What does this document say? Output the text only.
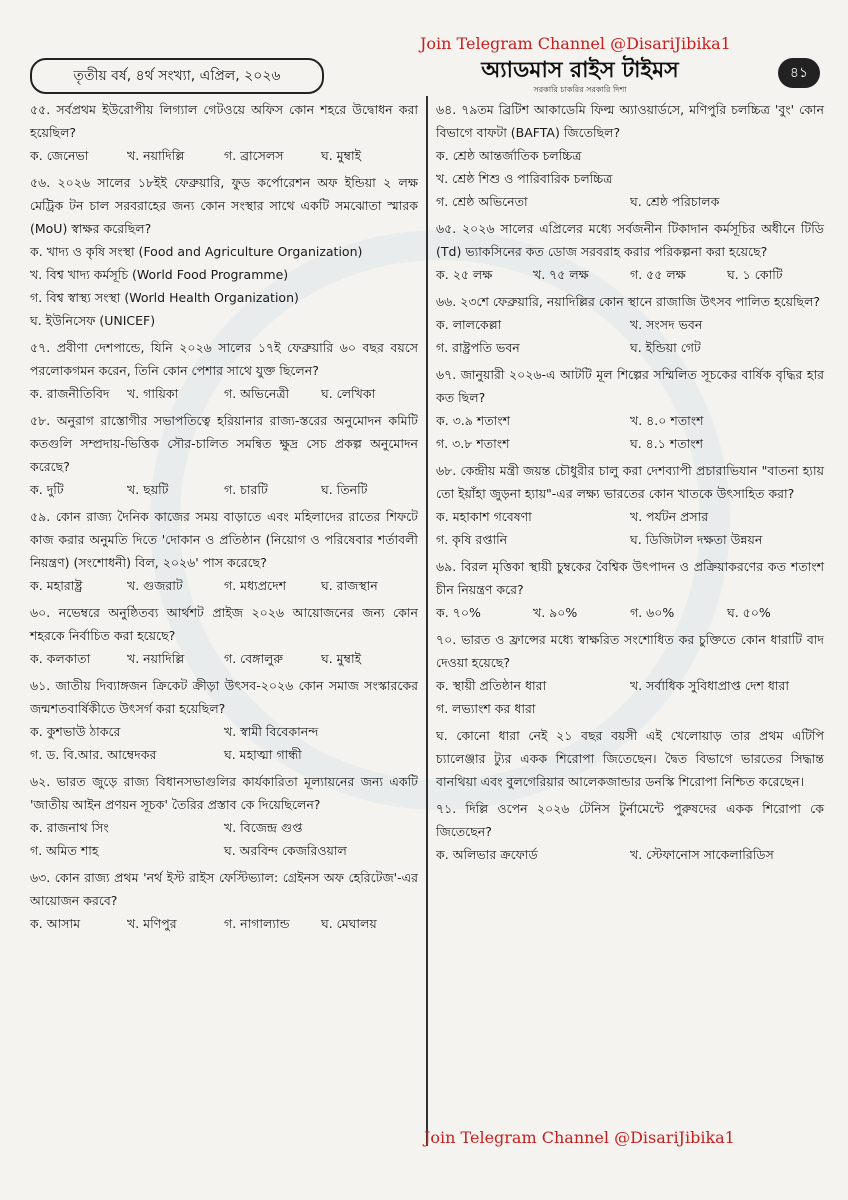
Join Telegram Channel @DisariJibika1
তৃতীয় বর্ষ, ৪র্থ সংখ্যা, এপ্রিল, ২০২৬	অ্যাডমাস রাইস টাইমস
সরকারি চাকরির সরকারি দিশা
৪১
৫৫. সর্বপ্রথম ইউরোপীয় লিগ্যাল গেটওয়ে অফিস কোন শহরে উদ্বোধন করা হয়েছিল?
ক. জেনেভা	খ. নয়াদিল্লি	গ. ব্রাসেলস	ঘ. মুম্বাই
৫৬. ২০২৬ সালের ১৮ইই ফেব্রুয়ারি, ফুড কর্পোরেশন অফ ইন্ডিয়া ২ লক্ষ মেট্রিক টন চাল সরবরাহের জন্য কোন সংস্থার সাথে একটি সমঝোতা স্মারক (MoU) স্বাক্ষর করেছিল?
ক. খাদ্য ও কৃষি সংস্থা (Food and Agriculture Organization)
খ. বিশ্ব খাদ্য কর্মসূচি (World Food Programme)
গ. বিশ্ব স্বাস্থ্য সংস্থা (World Health Organization)
ঘ. ইউনিসেফ (UNICEF)
৫৭. প্রবীণা দেশপান্ডে, যিনি ২০২৬ সালের ১৭ই ফেব্রুয়ারি ৬০ বছর বয়সে পরলোকগমন করেন, তিনি কোন পেশার সাথে যুক্ত ছিলেন?
ক. রাজনীতিবিদ	খ. গায়িকা	গ. অভিনেত্রী	ঘ. লেখিকা
৫৮. অনুরাগ রাস্তোগীর সভাপতিত্বে হরিয়ানার রাজ্য-স্তরের অনুমোদন কমিটি কতগুলি সম্প্রদায়-ভিত্তিক সৌর-চালিত সমন্বিত ক্ষুদ্র সেচ প্রকল্প অনুমোদন করেছে?
ক. দুটি	খ. ছয়টি	গ. চারটি	ঘ. তিনটি
৫৯. কোন রাজ্য দৈনিক কাজের সময় বাড়াতে এবং মহিলাদের রাতের শিফটে কাজ করার অনুমতি দিতে 'দোকান ও প্রতিষ্ঠান (নিয়োগ ও পরিষেবার শর্তাবলী নিয়ন্ত্রণ) (সংশোধনী) বিল, ২০২৬' পাস করেছে?
ক. মহারাষ্ট্র	খ. গুজরাট	গ. মধ্যপ্রদেশ	ঘ. রাজস্থান
৬০. নভেম্বরে অনুষ্ঠিতব্য আর্থশট প্রাইজ ২০২৬ আয়োজনের জন্য কোন শহরকে নির্বাচিত করা হয়েছে?
ক. কলকাতা	খ. নয়াদিল্লি	গ. বেঙ্গালুরু	ঘ. মুম্বাই
৬১. জাতীয় দিব্যাঙ্গজন ক্রিকেট ক্রীড়া উৎসব-২০২৬ কোন সমাজ সংস্কারকের জন্মশতবার্ষিকীতে উৎসর্গ করা হয়েছিল?
ক. কুশভাউ ঠাকরে	খ. স্বামী বিবেকানন্দ
গ. ড. বি.আর. আম্বেদকর	ঘ. মহাত্মা গান্ধী
৬২. ভারত জুড়ে রাজ্য বিধানসভাগুলির কার্যকারিতা মূল্যায়নের জন্য একটি 'জাতীয় আইন প্রণয়ন সূচক' তৈরির প্রস্তাব কে দিয়েছিলেন?
ক. রাজনাথ সিং	খ. বিজেন্দ্র গুপ্ত
গ. অমিত শাহ	ঘ. অরবিন্দ কেজরিওয়াল
৬৩. কোন রাজ্য প্রথম 'নর্থ ইস্ট রাইস ফেস্টিভ্যাল: গ্রেইনস অফ হেরিটেজ'-এর আয়োজন করবে?
ক. আসাম	খ. মণিপুর	গ. নাগাল্যান্ড	ঘ. মেঘালয়
৬৪. ৭৯তম ব্রিটিশ আকাডেমি ফিল্ম অ্যাওয়ার্ডসে, মণিপুরি চলচ্চিত্র 'বুং' কোন বিভাগে বাফটা (BAFTA) জিতেছিল?
ক. শ্রেষ্ঠ আন্তর্জাতিক চলচ্চিত্র
খ. শ্রেষ্ঠ শিশু ও পারিবারিক চলচ্চিত্র
গ. শ্রেষ্ঠ অভিনেতা	ঘ. শ্রেষ্ঠ পরিচালক
৬৫. ২০২৬ সালের এপ্রিলের মধ্যে সর্বজনীন টিকাদান কর্মসূচির অধীনে টিডি (Td) ভ্যাকসিনের কত ডোজ সরবরাহ করার পরিকল্পনা করা হয়েছে?
ক. ২৫ লক্ষ	খ. ৭৫ লক্ষ	গ. ৫৫ লক্ষ	ঘ. ১ কোটি
৬৬. ২৩শে ফেব্রুয়ারি, নয়াদিল্লির কোন স্থানে রাজাজি উৎসব পালিত হয়েছিল?
ক. লালকেল্লা	খ. সংসদ ভবন
গ. রাষ্ট্রপতি ভবন	ঘ. ইন্ডিয়া গেট
৬৭. জানুয়ারী ২০২৬-এ আটটি মূল শিল্পের সম্মিলিত সূচকের বার্ষিক বৃদ্ধির হার কত ছিল?
ক. ৩.৯ শতাংশ	খ. ৪.০ শতাংশ
গ. ৩.৮ শতাংশ	ঘ. ৪.১ শতাংশ
৬৮. কেন্দ্রীয় মন্ত্রী জয়ন্ত চৌধুরীর চালু করা দেশব্যাপী প্রচারাভিযান "বাতনা হ্যায় তো ইয়াঁহা জুড়না হ্যায়"-এর লক্ষ্য ভারতের কোন খাতকে উৎসাহিত করা?
ক. মহাকাশ গবেষণা	খ. পর্যটন প্রসার
গ. কৃষি রপ্তানি	ঘ. ডিজিটাল দক্ষতা উন্নয়ন
৬৯. বিরল মৃত্তিকা স্থায়ী চুম্বকের বৈশ্বিক উৎপাদন ও প্রক্রিয়াকরণের কত শতাংশ চীন নিয়ন্ত্রণ করে?
ক. ৭০%	খ. ৯০%	গ. ৬০%	ঘ. ৫০%
৭০. ভারত ও ফ্রান্সের মধ্যে স্বাক্ষরিত সংশোধিত কর চুক্তিতে কোন ধারাটি বাদ দেওয়া হয়েছে?
ক. স্থায়ী প্রতিষ্ঠান ধারা	খ. সর্বাধিক সুবিধাপ্রাপ্ত দেশ ধারা
গ. লভ্যাংশ কর ধারা
ঘ. কোনো ধারা নেই ২১ বছর বয়সী এই খেলোয়াড় তার প্রথম এটিপি চ্যালেঞ্জার ট্যুর একক শিরোপা জিতেছেন। দ্বৈত বিভাগে ভারতের সিদ্ধান্ত বানথিয়া এবং বুলগেরিয়ার আলেকজান্ডার ডনস্কি শিরোপা নিশ্চিত করেছেন।
৭১. দিল্লি ওপেন ২০২৬ টেনিস টুর্নামেন্টে পুরুষদের একক শিরোপা কে জিতেছেন?
ক. অলিভার ক্রফোর্ড	খ. স্টেফানোস সাকেলারিডিস
Join Telegram Channel @DisariJibika1
